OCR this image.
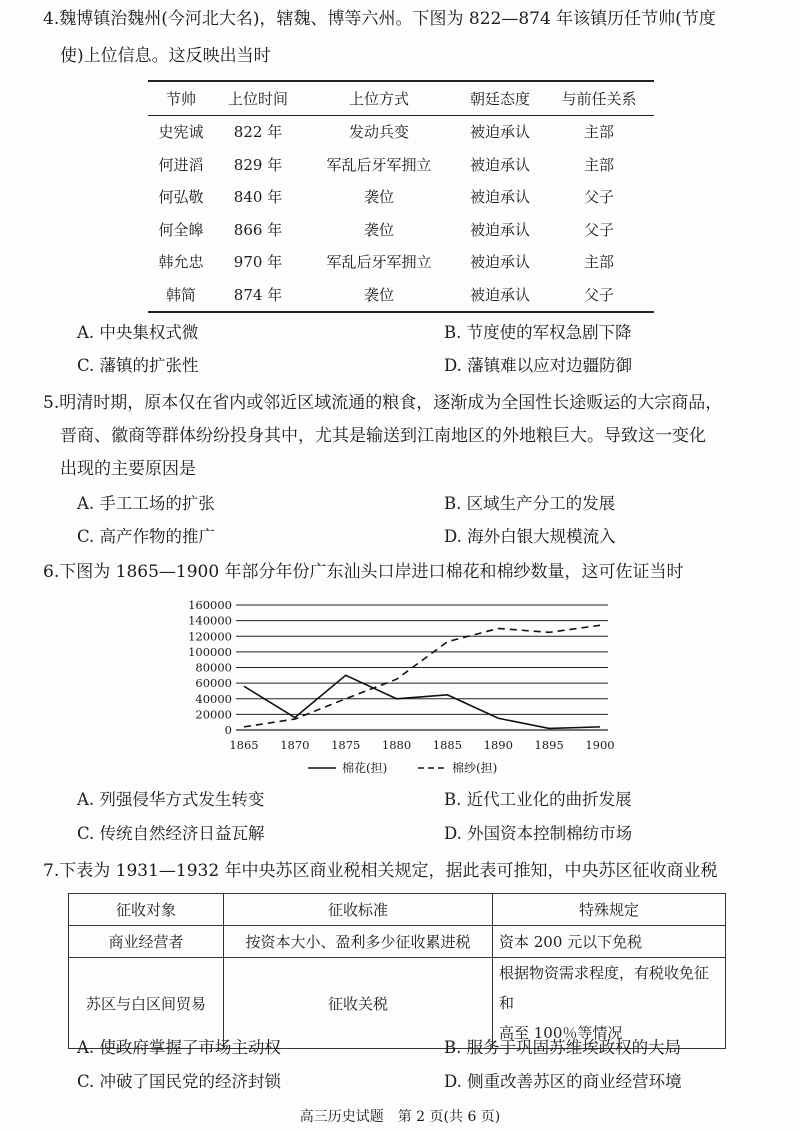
4.魏博镇治魏州(今河北大名)，辖魏、博等六州。下图为 822—874 年该镇历任节帅(节度
使)上位信息。这反映出当时
节帅	上位时间	上位方式	朝廷态度	与前任关系
史宪诚	822 年	发动兵变	被迫承认	主部
何进滔	829 年	军乱后牙军拥立	被迫承认	主部
何弘敬	840 年	袭位	被迫承认	父子
何全皞	866 年	袭位	被迫承认	父子
韩允忠	970 年	军乱后牙军拥立	被迫承认	主部
韩简	874 年	袭位	被迫承认	父子
A. 中央集权式微	B. 节度使的军权急剧下降
C. 藩镇的扩张性	D. 藩镇难以应对边疆防御
5.明清时期，原本仅在省内或邻近区域流通的粮食，逐渐成为全国性长途贩运的大宗商品，
晋商、徽商等群体纷纷投身其中，尤其是输送到江南地区的外地粮巨大。导致这一变化
出现的主要原因是
A. 手工工场的扩张	B. 区域生产分工的发展
C. 高产作物的推广	D. 海外白银大规模流入
6.下图为 1865—1900 年部分年份广东汕头口岸进口棉花和棉纱数量，这可佐证当时
160000
140000
120000
100000
80000
60000
40000
20000
0
1865 1870 1875 1880 1885 1890 1895 1900
棉花(担)	棉纱(担)
A. 列强侵华方式发生转变	B. 近代工业化的曲折发展
C. 传统自然经济日益瓦解	D. 外国资本控制棉纺市场
7.下表为 1931—1932 年中央苏区商业税相关规定，据此表可推知，中央苏区征收商业税
征收对象	征收标准	特殊规定
商业经营者	按资本大小、盈利多少征收累进税	资本 200 元以下免税
苏区与白区间贸易	征收关税	根据物资需求程度，有税收免征和
高至 100％等情况
A. 使政府掌握了市场主动权	B. 服务于巩固苏维埃政权的大局
C. 冲破了国民党的经济封锁	D. 侧重改善苏区的商业经营环境
高三历史试题　第 2 页(共 6 页)
